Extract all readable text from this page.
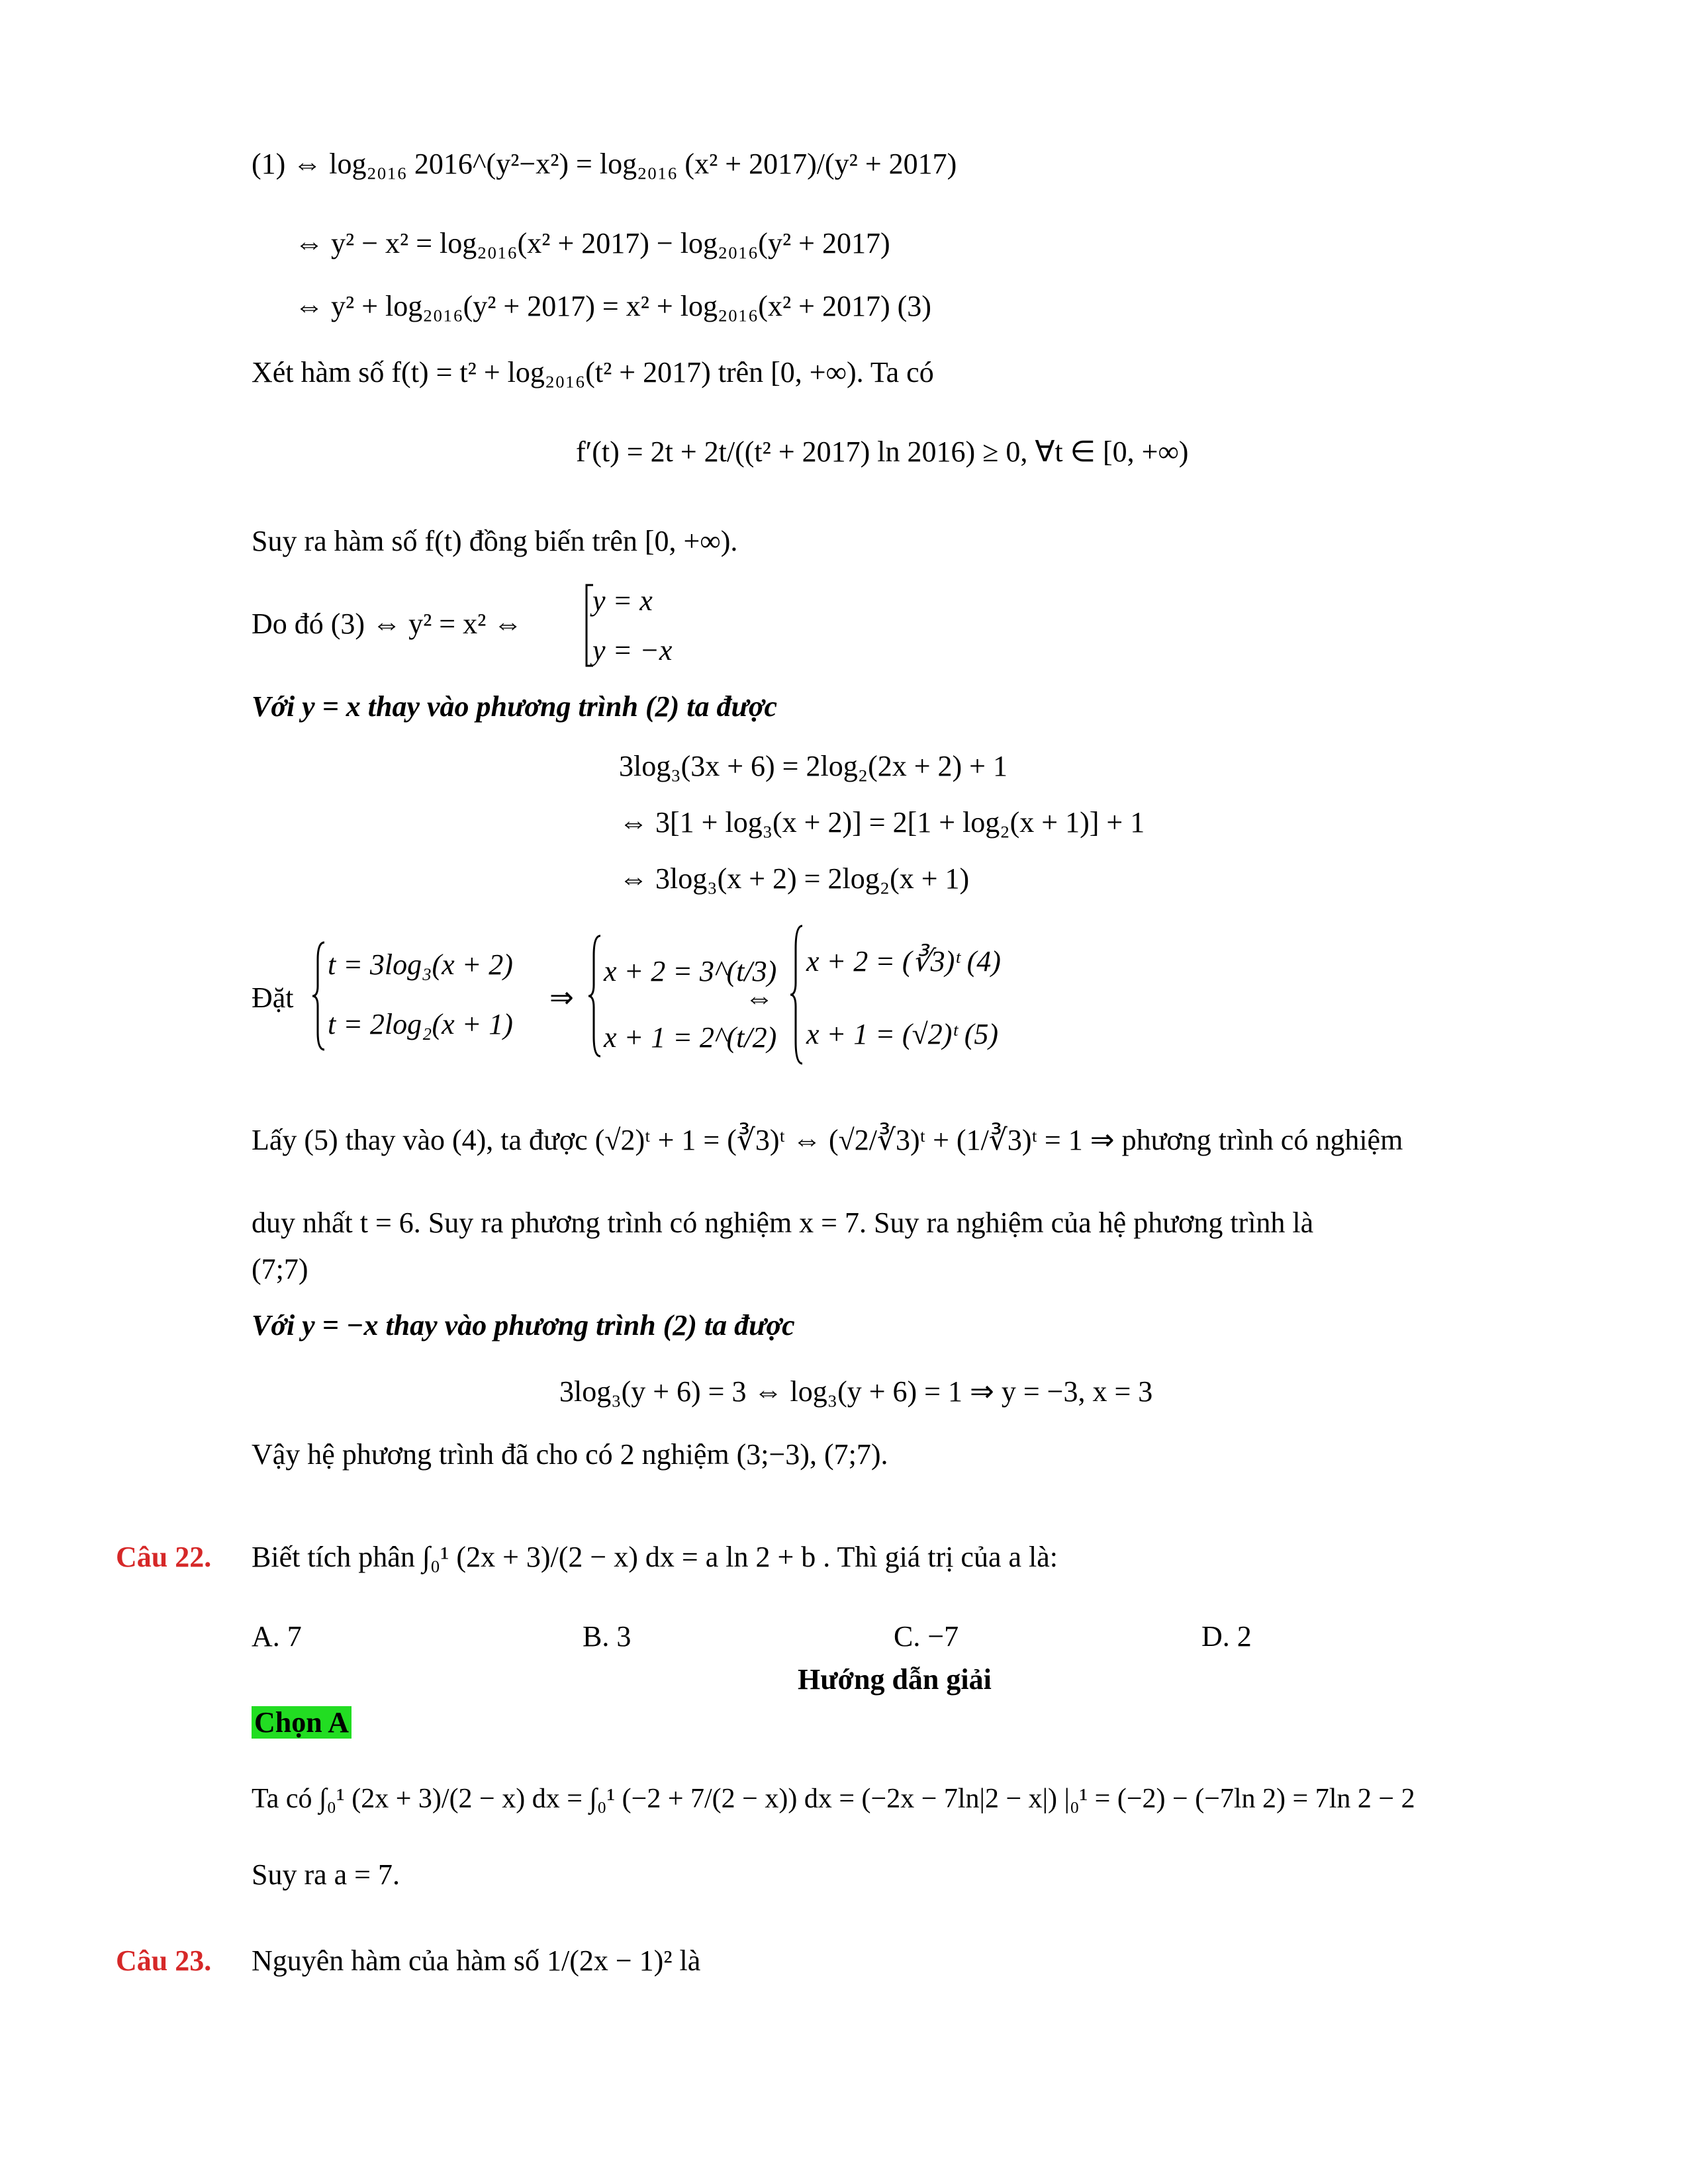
(1) ⇔ log₂₀₁₆ 2016^(y²−x²) = log₂₀₁₆ (x² + 2017)/(y² + 2017)
⇔ y² − x² = log₂₀₁₆(x² + 2017) − log₂₀₁₆(y² + 2017)
⇔ y² + log₂₀₁₆(y² + 2017) = x² + log₂₀₁₆(x² + 2017) (3)
Xét hàm số f(t) = t² + log₂₀₁₆(t² + 2017) trên [0, +∞). Ta có
f′(t) = 2t + 2t/((t² + 2017) ln 2016) ≥ 0, ∀t ∈ [0, +∞)
Suy ra hàm số f(t) đồng biến trên [0, +∞).
Do đó (3) ⇔ y² = x² ⇔
y = x
y = −x
Với y = x thay vào phương trình (2) ta được
3log₃(3x + 6) = 2log₂(2x + 2) + 1
⇔ 3[1 + log₃(x + 2)] = 2[1 + log₂(x + 1)] + 1
⇔ 3log₃(x + 2) = 2log₂(x + 1)
Đặt
t = 3log₃(x + 2)
t = 2log₂(x + 1)
⇒
x + 2 = 3^(t/3)
x + 1 = 2^(t/2)
⇔
x + 2 = (∛3)ᵗ (4)
x + 1 = (√2)ᵗ (5)
Lấy (5) thay vào (4), ta được (√2)ᵗ + 1 = (∛3)ᵗ ⇔ (√2/∛3)ᵗ + (1/∛3)ᵗ = 1 ⇒ phương trình có nghiệm
duy nhất t = 6. Suy ra phương trình có nghiệm x = 7. Suy ra nghiệm của hệ phương trình là
(7;7)
Với y = −x thay vào phương trình (2) ta được
3log₃(y + 6) = 3 ⇔ log₃(y + 6) = 1 ⇒ y = −3, x = 3
Vậy hệ phương trình đã cho có 2 nghiệm (3;−3), (7;7).
Câu 22. Biết tích phân ∫₀¹ (2x + 3)/(2 − x) dx = a ln 2 + b . Thì giá trị của a là:
A. 7	B. 3	C. −7	D. 2
Hướng dẫn giải
Chọn A
Ta có ∫₀¹ (2x + 3)/(2 − x) dx = ∫₀¹ (−2 + 7/(2 − x)) dx = (−2x − 7ln|2 − x|) |₀¹ = (−2) − (−7ln 2) = 7ln 2 − 2
Suy ra a = 7.
Câu 23. Nguyên hàm của hàm số 1/(2x − 1)² là
